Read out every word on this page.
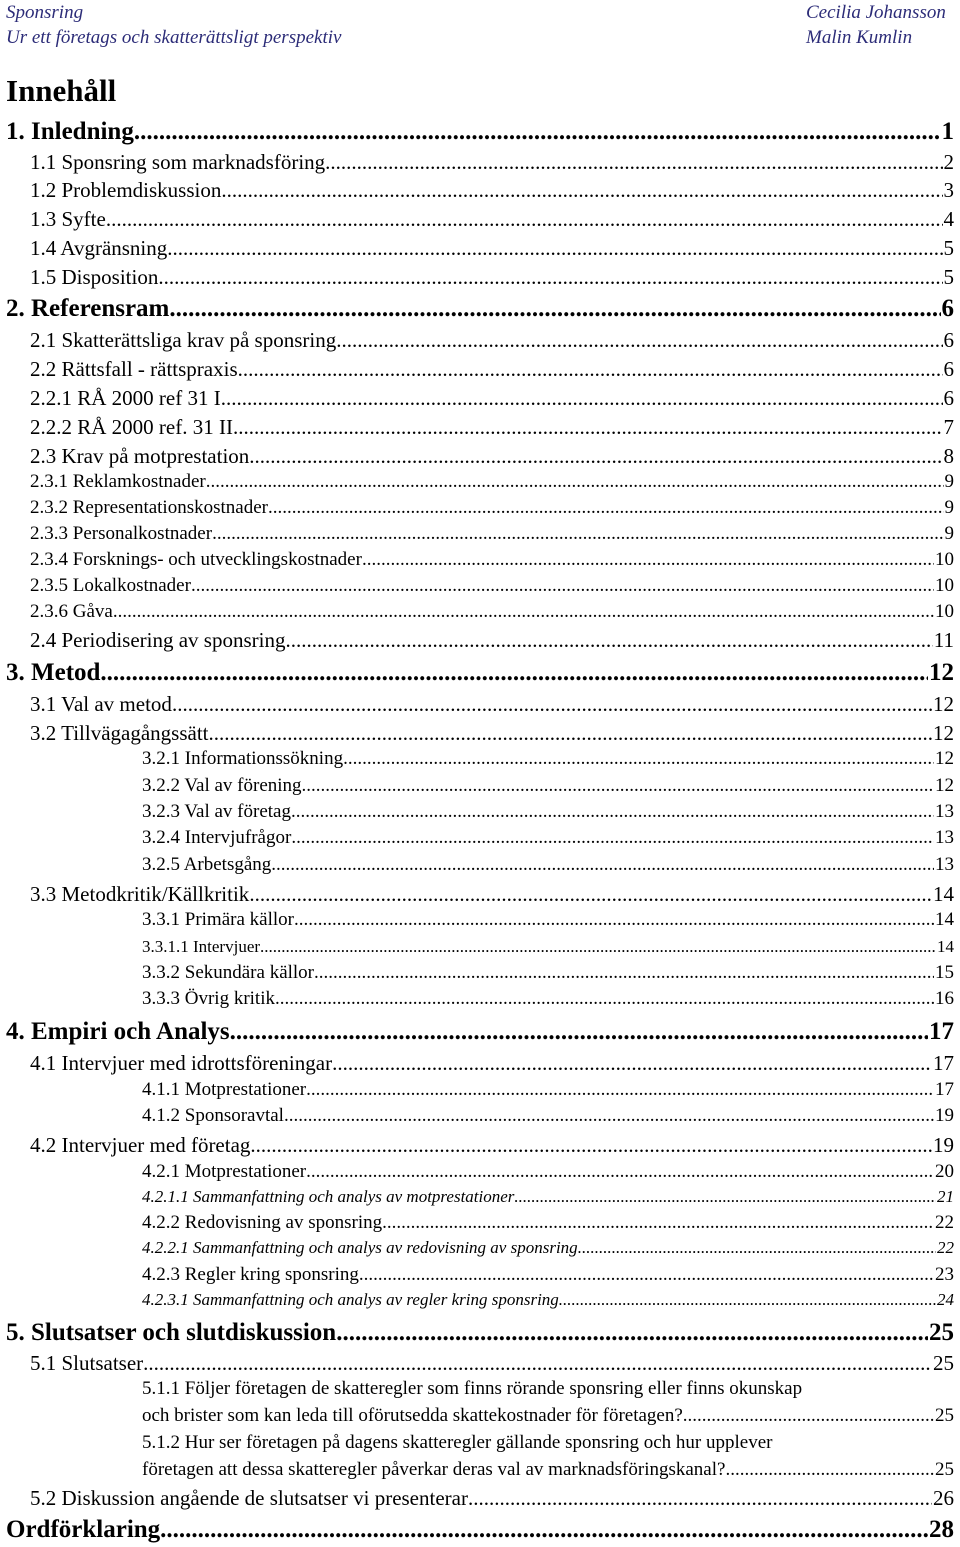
Sponsring
Ur ett företags och skatterättsligt perspektiv
Cecilia Johansson
Malin Kumlin
Innehåll
1. Inledning .....	1
1.1 Sponsring som marknadsföring .....	2
1.2 Problemdiskussion .....	3
1.3 Syfte .....	4
1.4 Avgränsning .....	5
1.5 Disposition .....	5
2. Referensram .....	6
2.1 Skatterättsliga krav på sponsring .....	6
2.2 Rättsfall - rättspraxis .....	6
2.2.1 RÅ 2000 ref 31 I. .....	6
2.2.2 RÅ 2000 ref. 31 II .....	7
2.3 Krav på motprestation .....	8
2.3.1 Reklamkostnader .....	9
2.3.2 Representationskostnader .....	9
2.3.3 Personalkostnader .....	9
2.3.4 Forsknings- och utvecklingskostnader .....	10
2.3.5 Lokalkostnader .....	10
2.3.6 Gåva .....	10
2.4 Periodisering av sponsring .....	11
3. Metod .....	12
3.1 Val av metod .....	12
3.2 Tillvägagångssätt .....	12
3.2.1 Informationssökning .....	12
3.2.2 Val av förening .....	12
3.2.3 Val av företag .....	13
3.2.4 Intervjufrågor .....	13
3.2.5 Arbetsgång .....	13
3.3 Metodkritik/Källkritik .....	14
3.3.1 Primära källor .....	14
3.3.1.1 Intervjuer .....	14
3.3.2 Sekundära källor .....	15
3.3.3 Övrig kritik .....	16
4. Empiri och Analys .....	17
4.1 Intervjuer med idrottsföreningar .....	17
4.1.1 Motprestationer .....	17
4.1.2 Sponsoravtal .....	19
4.2 Intervjuer med företag .....	19
4.2.1 Motprestationer .....	20
4.2.1.1 Sammanfattning och analys av motprestationer .....	21
4.2.2 Redovisning av sponsring .....	22
4.2.2.1 Sammanfattning och analys av redovisning av sponsring .....	22
4.2.3 Regler kring sponsring .....	23
4.2.3.1 Sammanfattning och analys av regler kring sponsring .....	24
5. Slutsatser och slutdiskussion .....	25
5.1 Slutsatser .....	25
5.1.1 Följer företagen de skatteregler som finns rörande sponsring eller finns okunskap
och brister som kan leda till oförutsedda skattekostnader för företagen? .....	25
5.1.2 Hur ser företagen på dagens skatteregler gällande sponsring och hur upplever
företagen att dessa skatteregler påverkar deras val av marknadsföringskanal? .....	25
5.2 Diskussion angående de slutsatser vi presenterar .....	26
Ordförklaring .....	28
